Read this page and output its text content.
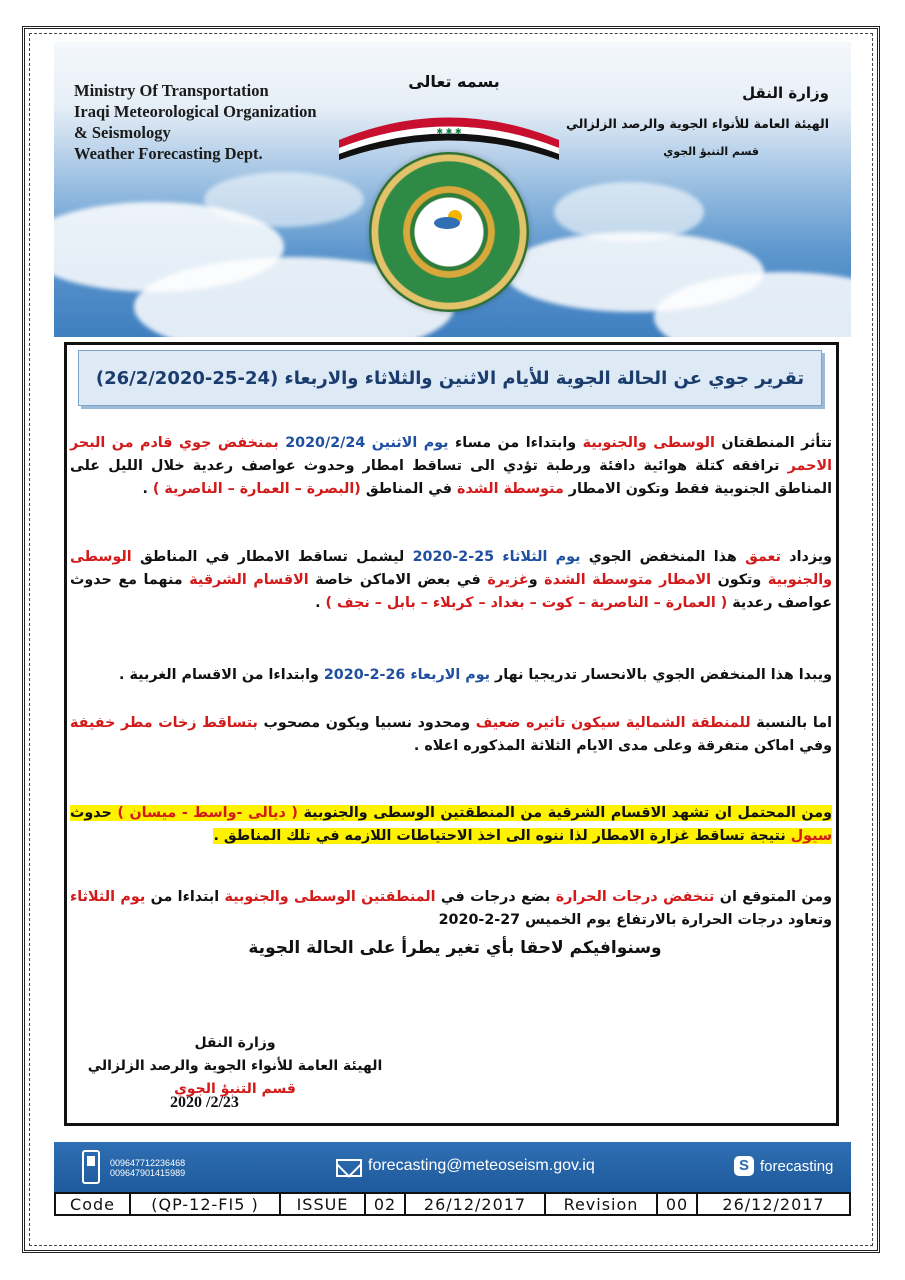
Ministry Of Transportation
Iraqi Meteorological Organization
& Seismology
Weather Forecasting Dept.
بسمه تعالى
✱ ✱ ✱
وزارة النقل
الهيئة العامة للأنواء الجوية والرصد الزلزالي
قسم التنبؤ الجوي
تقرير جوي عن الحالة الجوية للأيام الاثنين والثلاثاء والاربعاء (24-25-26/2/2020)

تتأثر المنطقتان الوسطى والجنوبية وابتداءا من مساء يوم الاثنين 2020/2/24 بمنخفض جوي قادم من البحر الاحمر ترافقه كتلة هوائية دافئة ورطبة تؤدي الى تساقط امطار وحدوث عواصف رعدية خلال الليل على المناطق الجنوبية فقط وتكون الامطار متوسطة الشدة في المناطق (البصرة – العمارة – الناصرية ) .

ويزداد تعمق هذا المنخفض الجوي يوم الثلاثاء 25-2-2020 ليشمل تساقط الامطار في المناطق الوسطى والجنوبية وتكون الامطار متوسطة الشدة وغزيرة في بعض الاماكن خاصة الاقسام الشرقية منهما مع حدوث عواصف رعدية ( العمارة – الناصرية – كوت – بغداد – كربلاء – بابل – نجف ) .

ويبدا هذا المنخفض الجوي بالانحسار تدريجيا نهار يوم الاربعاء 26-2-2020 وابتداءا من الاقسام الغربية .

اما بالنسبة للمنطقة الشمالية سيكون تاثيره ضعيف ومحدود نسبيا ويكون مصحوب بتساقط زخات مطر خفيفة وفي اماكن متفرقة وعلى مدى الايام الثلاثة المذكوره اعلاه .

ومن المحتمل ان تشهد الاقسام الشرقية من المنطقتين الوسطى والجنوبية ( ديالى -واسط - ميسان ) حدوث سيول نتيجة تساقط غزارة الامطار لذا ننوه الى اخذ الاحتياطات اللازمه في تلك المناطق .

ومن المتوقع ان تنخفض درجات الحرارة بضع درجات في المنطقتين الوسطى والجنوبية ابتداءا من يوم الثلاثاء وتعاود درجات الحرارة بالارتفاع يوم الخميس 27-2-2020

وسنوافيكم لاحقا بأي تغير يطرأ على الحالة الجوية
وزارة النقل
الهيئة العامة للأنواء الجوية والرصد الزلزالي
قسم التنبؤ الجوي
2020 /2/23
009647712236468
009647901415989	forecasting@meteoseism.gov.iq	S forecasting
Code	(QP-12-FI5 )	ISSUE	02	26/12/2017	Revision	00	26/12/2017
